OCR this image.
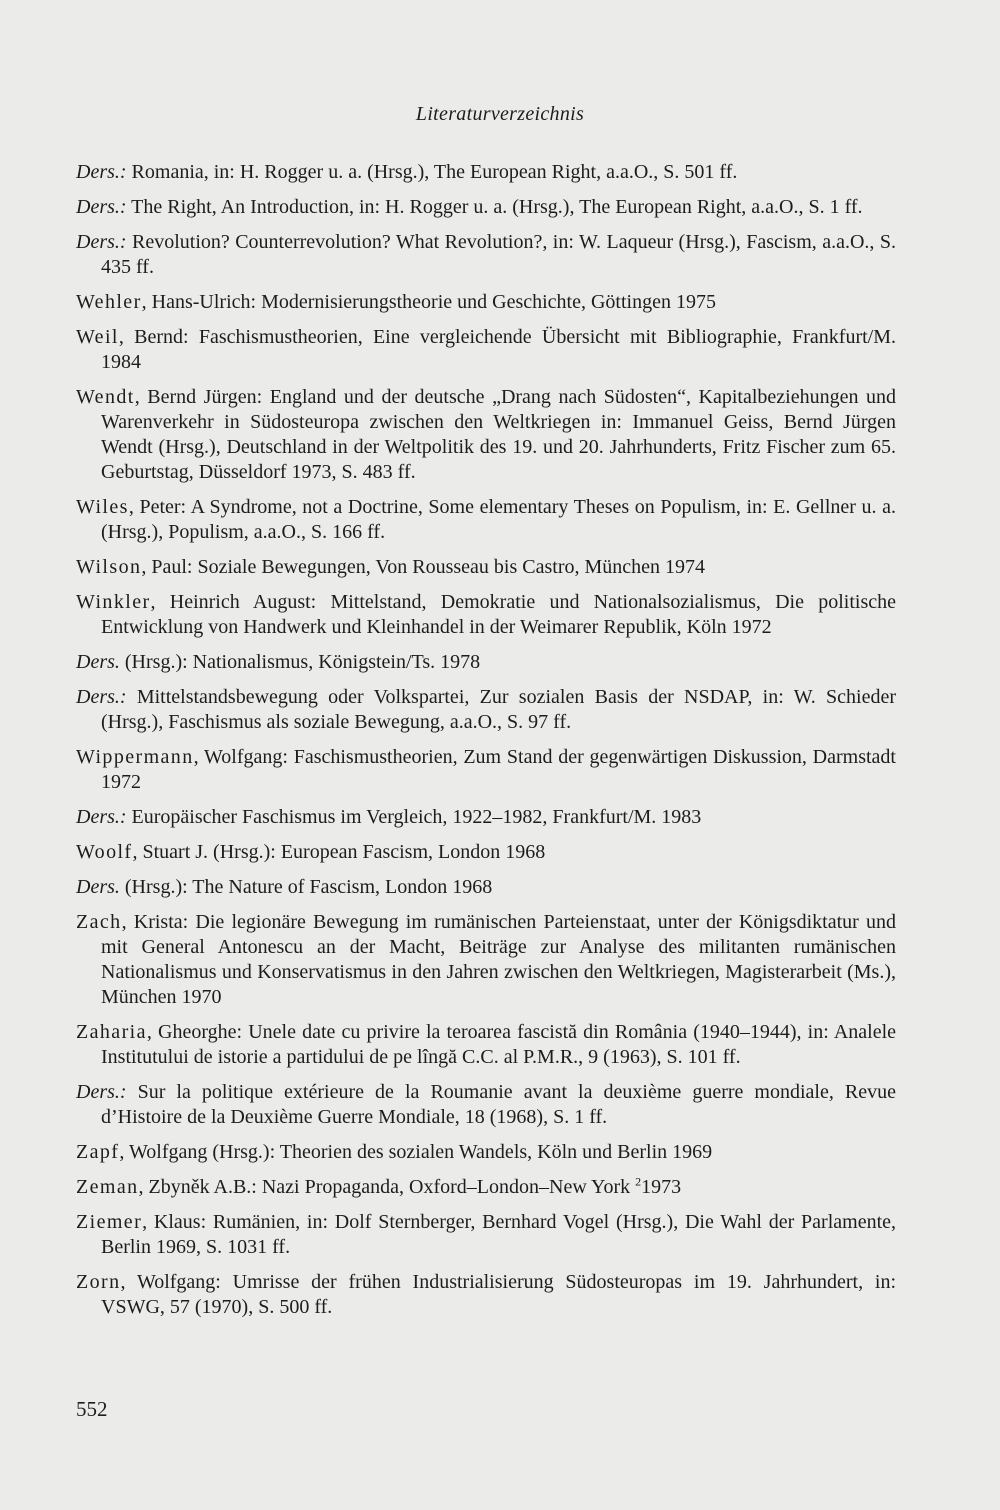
Literaturverzeichnis

Ders.: Romania, in: H. Rogger u. a. (Hrsg.), The European Right, a.a.O., S. 501 ff.

Ders.: The Right, An Introduction, in: H. Rogger u. a. (Hrsg.), The European Right, a.a.O., S. 1 ff.

Ders.: Revolution? Counterrevolution? What Revolution?, in: W. Laqueur (Hrsg.), Fascism, a.a.O., S. 435 ff.

Wehler, Hans-Ulrich: Modernisierungstheorie und Geschichte, Göttingen 1975

Weil, Bernd: Faschismustheorien, Eine vergleichende Übersicht mit Bibliographie, Frankfurt/M. 1984

Wendt, Bernd Jürgen: England und der deutsche „Drang nach Südosten“, Kapitalbeziehungen und Warenverkehr in Südosteuropa zwischen den Weltkriegen in: Immanuel Geiss, Bernd Jürgen Wendt (Hrsg.), Deutschland in der Weltpolitik des 19. und 20. Jahrhunderts, Fritz Fischer zum 65. Geburtstag, Düsseldorf 1973, S. 483 ff.

Wiles, Peter: A Syndrome, not a Doctrine, Some elementary Theses on Populism, in: E. Gellner u. a. (Hrsg.), Populism, a.a.O., S. 166 ff.

Wilson, Paul: Soziale Bewegungen, Von Rousseau bis Castro, München 1974

Winkler, Heinrich August: Mittelstand, Demokratie und Nationalsozialismus, Die politische Entwicklung von Handwerk und Kleinhandel in der Weimarer Republik, Köln 1972

Ders. (Hrsg.): Nationalismus, Königstein/Ts. 1978

Ders.: Mittelstandsbewegung oder Volkspartei, Zur sozialen Basis der NSDAP, in: W. Schieder (Hrsg.), Faschismus als soziale Bewegung, a.a.O., S. 97 ff.

Wippermann, Wolfgang: Faschismustheorien, Zum Stand der gegenwärtigen Diskussion, Darmstadt 1972

Ders.: Europäischer Faschismus im Vergleich, 1922–1982, Frankfurt/M. 1983

Woolf, Stuart J. (Hrsg.): European Fascism, London 1968

Ders. (Hrsg.): The Nature of Fascism, London 1968

Zach, Krista: Die legionäre Bewegung im rumänischen Parteienstaat, unter der Königsdiktatur und mit General Antonescu an der Macht, Beiträge zur Analyse des militanten rumänischen Nationalismus und Konservatismus in den Jahren zwischen den Weltkriegen, Magisterarbeit (Ms.), München 1970

Zaharia, Gheorghe: Unele date cu privire la teroarea fascistă din România (1940–1944), in: Analele Institutului de istorie a partidului de pe lîngă C.C. al P.M.R., 9 (1963), S. 101 ff.

Ders.: Sur la politique extérieure de la Roumanie avant la deuxième guerre mondiale, Revue d’Histoire de la Deuxième Guerre Mondiale, 18 (1968), S. 1 ff.

Zapf, Wolfgang (Hrsg.): Theorien des sozialen Wandels, Köln und Berlin 1969

Zeman, Zbyněk A.B.: Nazi Propaganda, Oxford–London–New York $^2$1973

Ziemer, Klaus: Rumänien, in: Dolf Sternberger, Bernhard Vogel (Hrsg.), Die Wahl der Parlamente, Berlin 1969, S. 1031 ff.

Zorn, Wolfgang: Umrisse der frühen Industrialisierung Südosteuropas im 19. Jahrhundert, in: VSWG, 57 (1970), S. 500 ff.

552
